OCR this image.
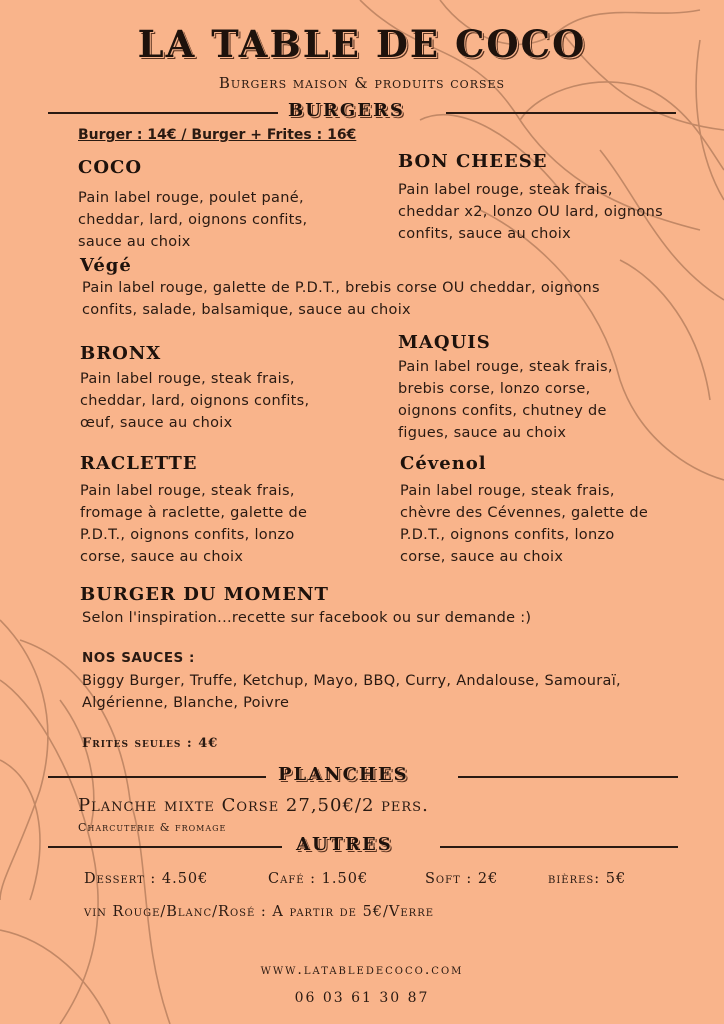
LA TABLE DE COCO
Burgers maison & produits corses
BURGERS
Burger : 14€ / Burger + Frites : 16€
COCO
Pain label rouge, poulet pané, cheddar, lard, oignons confits, sauce au choix
BON CHEESE
Pain label rouge, steak frais, cheddar x2, lonzo OU lard, oignons confits, sauce au choix
Végé
Pain label rouge, galette de P.D.T., brebis corse OU cheddar, oignons confits, salade, balsamique, sauce au choix
BRONX
Pain label rouge, steak frais, cheddar, lard, oignons confits, œuf, sauce au choix
MAQUIS
Pain label rouge, steak frais, brebis corse, lonzo corse, oignons confits, chutney de figues, sauce au choix
RACLETTE
Pain label rouge, steak frais, fromage à raclette, galette de P.D.T., oignons confits, lonzo corse, sauce au choix
Cévenol
Pain label rouge, steak frais, chèvre des Cévennes, galette de P.D.T., oignons confits, lonzo corse, sauce au choix
BURGER DU MOMENT
Selon l'inspiration...recette sur facebook ou sur demande :)
NOS SAUCES :
Biggy Burger, Truffe, Ketchup, Mayo, BBQ, Curry, Andalouse, Samouraï, Algérienne, Blanche, Poivre
Frites seules : 4€
PLANCHES
Planche mixte Corse 27,50€/2 pers.
Charcuterie & fromage
AUTRES
Dessert : 4.50€	Café : 1.50€	Soft : 2€	bières: 5€
vin Rouge/Blanc/Rosé : A partir de 5€/Verre
www.latabledecoco.com
06 03 61 30 87
